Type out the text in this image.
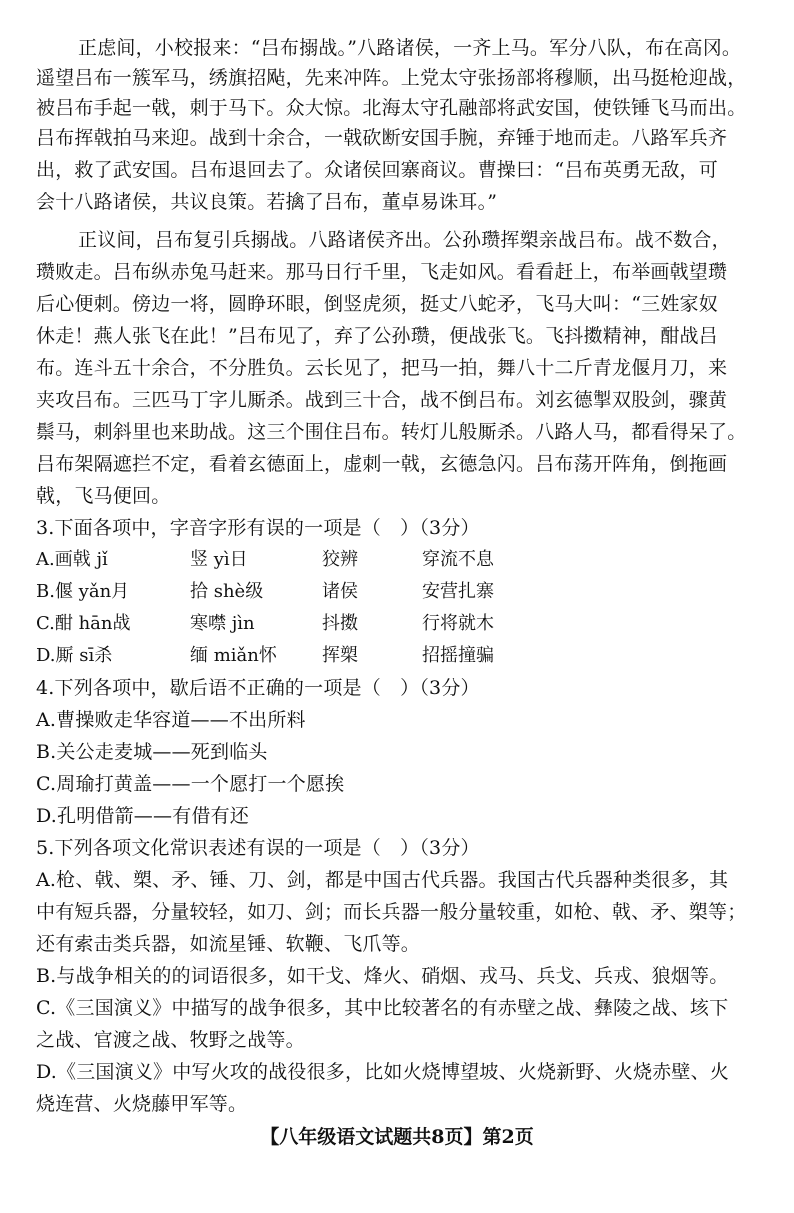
正虑间，小校报来：“吕布搦战。”八路诸侯，一齐上马。军分八队，布在高冈。
遥望吕布一簇军马，绣旗招飐，先来冲阵。上党太守张扬部将穆顺，出马挺枪迎战，
被吕布手起一戟，刺于马下。众大惊。北海太守孔融部将武安国，使铁锤飞马而出。
吕布挥戟拍马来迎。战到十余合，一戟砍断安国手腕，弃锤于地而走。八路军兵齐
出，救了武安国。吕布退回去了。众诸侯回寨商议。曹操曰：“吕布英勇无敌，可
会十八路诸侯，共议良策。若擒了吕布，董卓易诛耳。”
正议间，吕布复引兵搦战。八路诸侯齐出。公孙瓒挥槊亲战吕布。战不数合，
瓒败走。吕布纵赤兔马赶来。那马日行千里，飞走如风。看看赶上，布举画戟望瓒
后心便刺。傍边一将，圆睁环眼，倒竖虎须，挺丈八蛇矛，飞马大叫：“三姓家奴
休走！燕人张飞在此！”吕布见了，弃了公孙瓒，便战张飞。飞抖擞精神，酣战吕
布。连斗五十余合，不分胜负。云长见了，把马一拍，舞八十二斤青龙偃月刀，来
夹攻吕布。三匹马丁字儿厮杀。战到三十合，战不倒吕布。刘玄德掣双股剑，骤黄
鬃马，刺斜里也来助战。这三个围住吕布。转灯儿般厮杀。八路人马，都看得呆了。
吕布架隔遮拦不定，看着玄德面上，虚刺一戟，玄德急闪。吕布荡开阵角，倒拖画
戟，飞马便回。
3.下面各项中，字音字形有误的一项是（　）（3分）
A.画戟 jǐ	竖 yì日	狡辨	穿流不息
B.偃 yǎn月	拾 shè级	诸侯	安营扎寨
C.酣 hān战	寒噤 jìn	抖擞	行将就木
D.厮 sī杀	缅 miǎn怀	挥槊	招摇撞骗
4.下列各项中，歇后语不正确的一项是（　）（3分）
A.曹操败走华容道——不出所料
B.关公走麦城——死到临头
C.周瑜打黄盖——一个愿打一个愿挨
D.孔明借箭——有借有还
5.下列各项文化常识表述有误的一项是（　）（3分）
A.枪、戟、槊、矛、锤、刀、剑，都是中国古代兵器。我国古代兵器种类很多，其
中有短兵器，分量较轻，如刀、剑；而长兵器一般分量较重，如枪、戟、矛、槊等；
还有索击类兵器，如流星锤、软鞭、飞爪等。
B.与战争相关的的词语很多，如干戈、烽火、硝烟、戎马、兵戈、兵戎、狼烟等。
C.《三国演义》中描写的战争很多，其中比较著名的有赤壁之战、彝陵之战、垓下
之战、官渡之战、牧野之战等。
D.《三国演义》中写火攻的战役很多，比如火烧博望坡、火烧新野、火烧赤壁、火
烧连营、火烧藤甲军等。
【八年级语文试题共8页】第2页
